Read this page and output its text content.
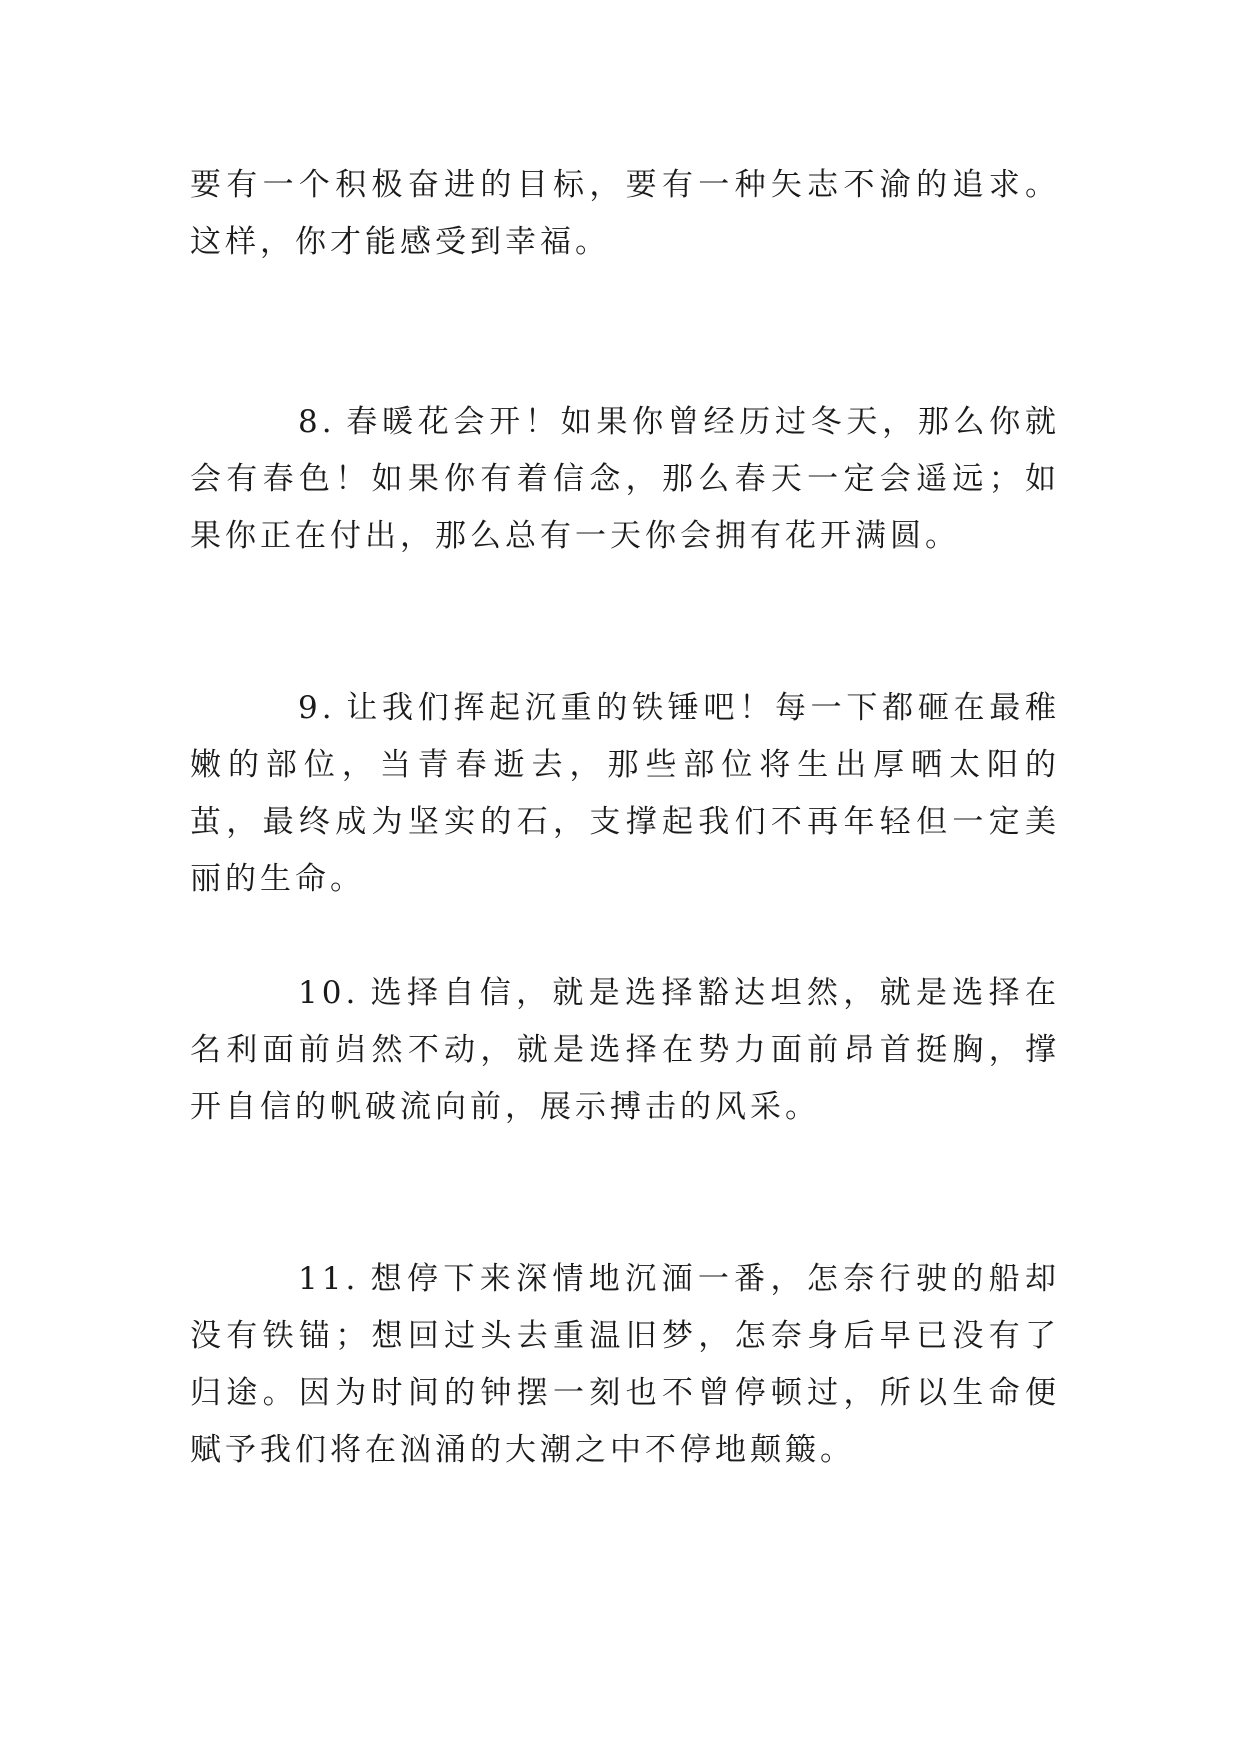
要有一个积极奋进的目标，要有一种矢志不渝的追求。这样，你才能感受到幸福。

8. 春暖花会开！如果你曾经历过冬天，那么你就会有春色！如果你有着信念，那么春天一定会遥远；如果你正在付出，那么总有一天你会拥有花开满圆。

9. 让我们挥起沉重的铁锤吧！每一下都砸在最稚嫩的部位，当青春逝去，那些部位将生出厚晒太阳的茧，最终成为坚实的石，支撑起我们不再年轻但一定美丽的生命。

10. 选择自信，就是选择豁达坦然，就是选择在名利面前岿然不动，就是选择在势力面前昂首挺胸，撑开自信的帆破流向前，展示搏击的风采。

11. 想停下来深情地沉湎一番，怎奈行驶的船却没有铁锚；想回过头去重温旧梦，怎奈身后早已没有了归途。因为时间的钟摆一刻也不曾停顿过，所以生命便赋予我们将在汹涌的大潮之中不停地颠簸。
